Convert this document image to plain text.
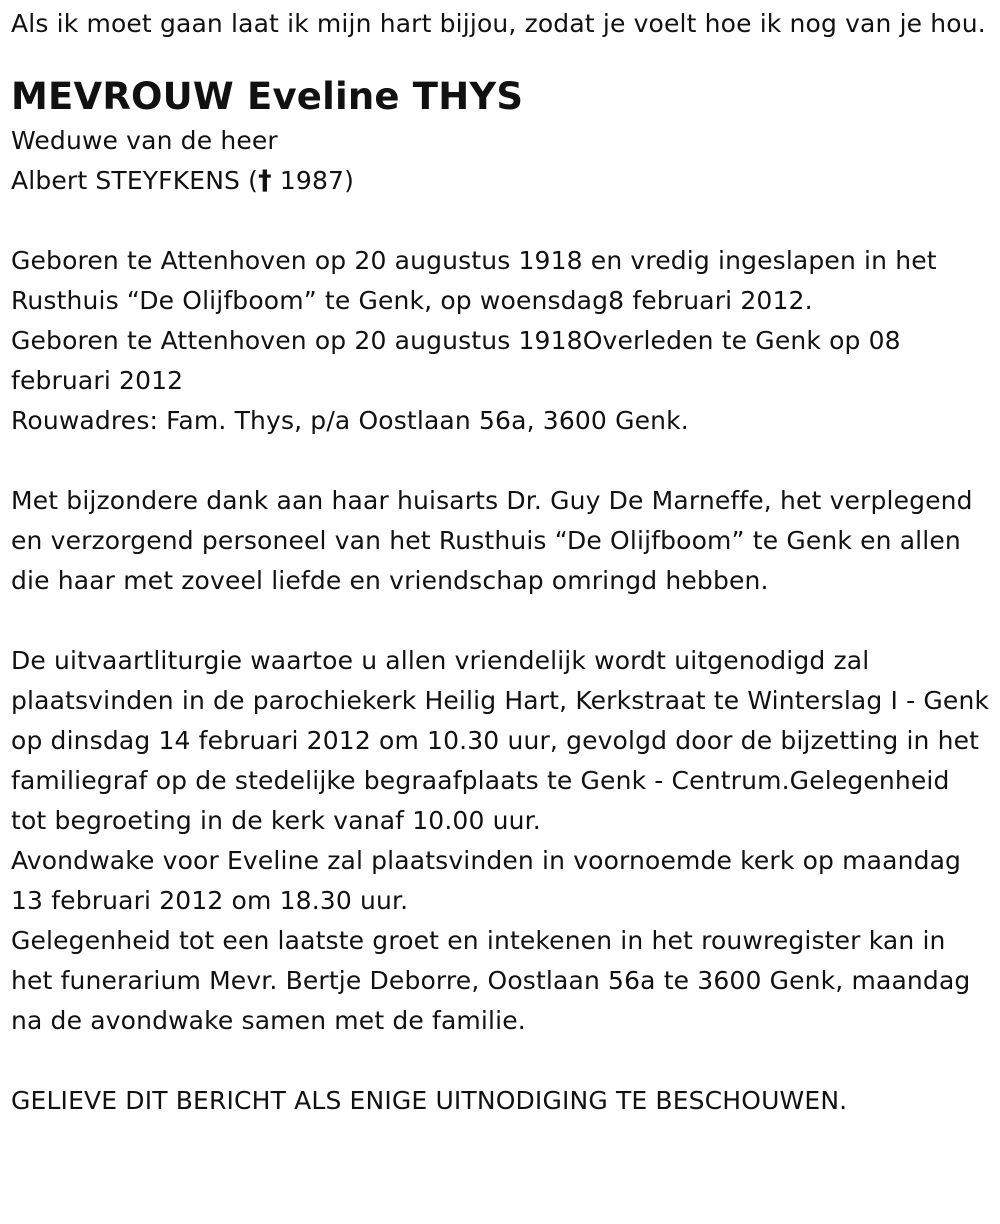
Als ik moet gaan laat ik mijn hart bijjou, zodat je voelt hoe ik nog van je hou.

MEVROUW Eveline THYS

Weduwe van de heer

Albert STEYFKENS († 1987)

Geboren te Attenhoven op 20 augustus 1918 en vredig ingeslapen in het Rusthuis “De Olijfboom” te Genk, op woensdag8 februari 2012.

Geboren te Attenhoven op 20 augustus 1918Overleden te Genk op 08 februari 2012

Rouwadres: Fam. Thys, p/a Oostlaan 56a, 3600 Genk.

Met bijzondere dank aan haar huisarts Dr. Guy De Marneffe, het verplegend en verzorgend personeel van het Rusthuis “De Olijfboom” te Genk en allen die haar met zoveel liefde en vriendschap omringd hebben.

De uitvaartliturgie waartoe u allen vriendelijk wordt uitgenodigd zal plaatsvinden in de parochiekerk Heilig Hart, Kerkstraat te Winterslag I - Genk op dinsdag 14 februari 2012 om 10.30 uur, gevolgd door de bijzetting in het familiegraf op de stedelijke begraafplaats te Genk - Centrum.Gelegenheid tot begroeting in de kerk vanaf 10.00 uur.

Avondwake voor Eveline zal plaatsvinden in voornoemde kerk op maandag 13 februari 2012 om 18.30 uur.

Gelegenheid tot een laatste groet en intekenen in het rouwregister kan in het funerarium Mevr. Bertje Deborre, Oostlaan 56a te 3600 Genk, maandag na de avondwake samen met de familie.

GELIEVE DIT BERICHT ALS ENIGE UITNODIGING TE BESCHOUWEN.
